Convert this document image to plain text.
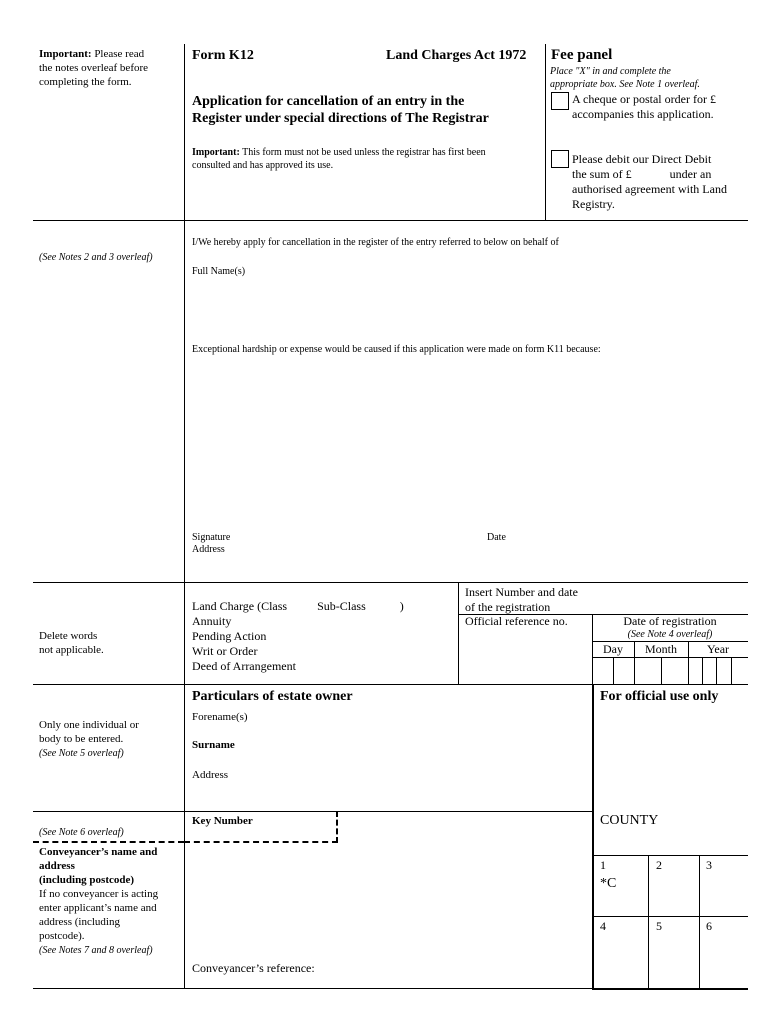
Important: Please read
the notes overleaf before
completing the form.
(See Notes 2 and 3 overleaf)
Delete words
not applicable.
Only one individual or
body to be entered.
(See Note 5 overleaf)
(See Note 6 overleaf)
Conveyancer’s name and
address
(including postcode)
If no conveyancer is acting
enter applicant’s name and
address (including
postcode).
(See Notes 7 and 8 overleaf)
Form K12	Land Charges Act 1972
Application for cancellation of an entry in the
Register under special directions of The Registrar
Important: This form must not be used unless the registrar has first been
consulted and has approved its use.
Fee panel
Place "X" in and complete the
appropriate box. See Note 1 overleaf.
A cheque or postal order for £
accompanies this application.
Please debit our Direct Debit
the sum of £	under an
authorised agreement with Land
Registry.
I/We hereby apply for cancellation in the register of the entry referred to below on behalf of
Full Name(s)
Exceptional hardship or expense would be caused if this application were made on form K11 because:
Signature	Date
Address
Land Charge (Class	Sub-Class	)
Annuity
Pending Action
Writ or Order
Deed of Arrangement
Insert Number and date
of the registration
Official reference no.	Date of registration
(See Note 4 overleaf)
Day	Month	Year
Particulars of estate owner
Forename(s)
Surname
Address
Key Number
Conveyancer’s reference:
For official use only
COUNTY
1	2	3
*C
4	5	6
